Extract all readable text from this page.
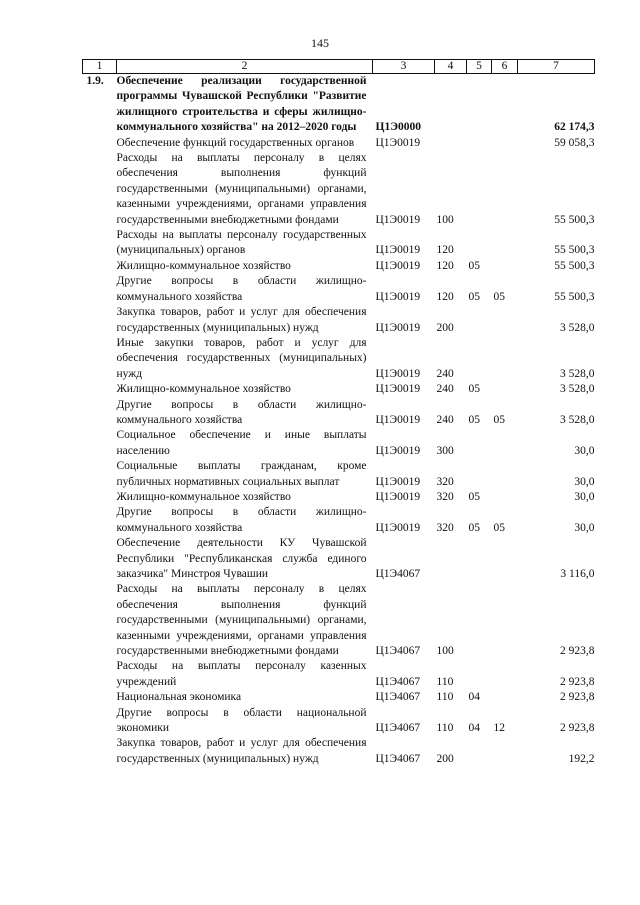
145
1	2	3	4	5	6	7
1.9.	Обеспечение реализации государственной программы Чувашской Республики "Развитие жилищного строительства и сферы жилищно-коммунального хозяйства" на 2012–2020 годы	Ц1Э0000				62 174,3
	Обеспечение функций государственных органов	Ц1Э0019				59 058,3
	Расходы на выплаты персоналу в целях обеспечения выполнения функций государственными (муниципальными) органами, казенными учреждениями, органами управления государственными внебюджетными фондами	Ц1Э0019	100			55 500,3
	Расходы на выплаты персоналу государственных (муниципальных) органов	Ц1Э0019	120			55 500,3
	Жилищно-коммунальное хозяйство	Ц1Э0019	120	05		55 500,3
	Другие вопросы в области жилищно-коммунального хозяйства	Ц1Э0019	120	05	05	55 500,3
	Закупка товаров, работ и услуг для обеспечения государственных (муниципальных) нужд	Ц1Э0019	200			3 528,0
	Иные закупки товаров, работ и услуг для обеспечения государственных (муниципальных) нужд	Ц1Э0019	240			3 528,0
	Жилищно-коммунальное хозяйство	Ц1Э0019	240	05		3 528,0
	Другие вопросы в области жилищно-коммунального хозяйства	Ц1Э0019	240	05	05	3 528,0
	Социальное обеспечение и иные выплаты населению	Ц1Э0019	300			30,0
	Социальные выплаты гражданам, кроме публичных нормативных социальных выплат	Ц1Э0019	320			30,0
	Жилищно-коммунальное хозяйство	Ц1Э0019	320	05		30,0
	Другие вопросы в области жилищно-коммунального хозяйства	Ц1Э0019	320	05	05	30,0
	Обеспечение деятельности КУ Чувашской Республики "Республиканская служба единого заказчика" Минстроя Чувашии	Ц1Э4067				3 116,0
	Расходы на выплаты персоналу в целях обеспечения выполнения функций государственными (муниципальными) органами, казенными учреждениями, органами управления государственными внебюджетными фондами	Ц1Э4067	100			2 923,8
	Расходы на выплаты персоналу казенных учреждений	Ц1Э4067	110			2 923,8
	Национальная экономика	Ц1Э4067	110	04		2 923,8
	Другие вопросы в области национальной экономики	Ц1Э4067	110	04	12	2 923,8
	Закупка товаров, работ и услуг для обеспечения государственных (муниципальных) нужд	Ц1Э4067	200			192,2
